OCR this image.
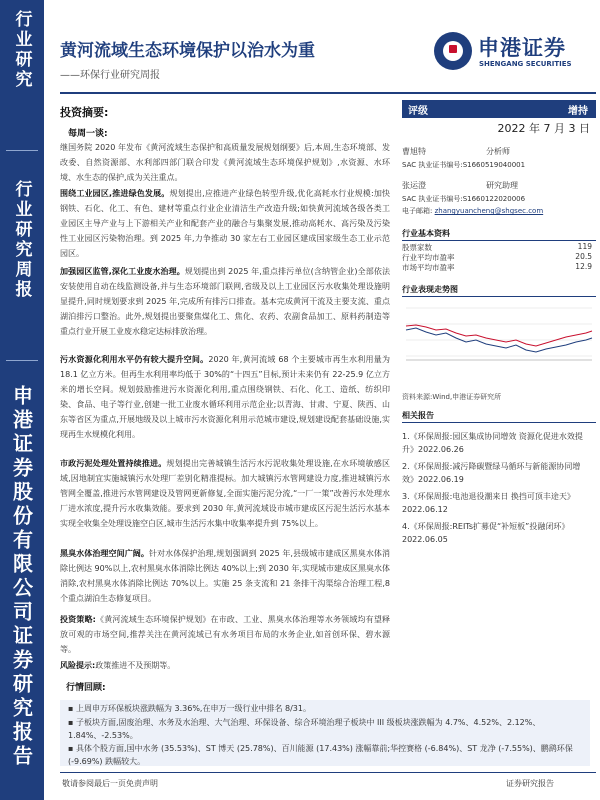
行业研究
行业研究周报
申港证券股份有限公司证券研究报告
黄河流域生态环境保护以治水为重
——环保行业研究周报
申港证券
SHENGANG SECURITIES
投资摘要:
每周一谈:
继国务院 2020 年发布《黄河流域生态保护和高质量发展规划纲要》后,本周,生态环境部、发改委、自然资源部、水利部四部门联合印发《黄河流域生态环境保护规划》,水资源、水环境、水生态的保护,成为关注重点。
围绕工业园区,推进绿色发展。规划提出,应推进产业绿色转型升级,优化高耗水行业规模:加快钢铁、石化、化工、有色、建材等重点行业企业清洁生产改造升级;如快黄河流域各级各类工业园区主导产业与上下游相关产业和配套产业的融合与集聚发展,推动高耗水、高污染及污染性工业园区污染物治理。到 2025 年,力争推动 30 家左右工业园区建成国家级生态工业示范园区。
加强园区监管,深化工业废水治理。规划提出到 2025 年,重点排污单位(含纳管企业)全部依法安装使用自动在线监测设备,并与生态环境部门联网,省级及以上工业园区污水收集处理设施明显提升,同时规划要求到 2025 年,完成所有排污口排查。基本完成黄河干流及主要支流、重点湖泊排污口整治。此外,规划提出要聚焦煤化工、焦化、农药、农副食品加工、原料药制造等重点行业开展工业废水稳定达标排放治理。
污水资源化利用水平仍有较大提升空间。2020 年,黄河流域 68 个主要城市再生水利用量为 18.1 亿立方米。但再生水利用率均低于 30%的“十四五”目标,预计未来仍有 22-25.9 亿立方米的增长空间。规划鼓励推进污水资源化利用,重点围绕钢铁、石化、化工、造纸、纺织印染、食品、电子等行业,创建一批工业废水循环利用示范企业;以青海、甘肃、宁夏、陕西、山东等省区为重点,开展地级及以上城市污水资源化利用示范城市建设,规划建设配套基础设施,实现再生水规模化利用。
市政污泥处理处置持续推进。规划提出完善城镇生活污水污泥收集处理设施,在水环境敏感区域,因地制宜实施城镇污水处理厂差别化精准提标。加大城镇污水管网建设力度,推进城镇污水管网全覆盖,推进污水管网建设及管网更新修复,全面实施污泥分流,“一厂一策”改善污水处理水厂进水浓度,提升污水收集效能。要求到 2030 年,黄河流域设市城市建成区污泥生活污水基本实现全收集全处理设施空白区,城市生活污水集中收集率提升到 75%以上。
黑臭水体治理空间广阔。针对水体保护治理,规划强调到 2025 年,县级城市建成区黑臭水体消除比例达 90%以上,农村黑臭水体消除比例达 40%以上;到 2030 年,实现城市建成区黑臭水体消除,农村黑臭水体消除比例达 70%以上。实施 25 条支流和 21 条排干沟渠综合治理工程,8 个重点湖泊生态修复项目。
投资策略:《黄河流域生态环境保护规划》在市政、工业、黑臭水体治理等水务领域均有望释放可观的市场空间,推荐关注在黄河流域已有水务项目布局的水务企业,如首创环保、碧水源等。
风险提示:政策推进不及预期等。
行情回顾:
▪ 上周申万环保板块涨跌幅为 3.36%,在申万一级行业中排名 8/31。
▪ 子板块方面,固废治理、水务及水治理、大气治理、环保设备、综合环境治理子板块中 III 级板块涨跌幅为 4.7%、4.52%、2.12%、1.84%、-2.53%。
▪ 具体个股方面,国中水务 (35.53%)、ST 博天 (25.78%)、百川能源 (17.43%) 涨幅靠前;华控赛格 (-6.84%)、ST 龙净 (-7.55%)、鹏鹞环保 (-9.69%) 跌幅较大。
评级	增持
2022 年 7 月 3 日
曹旭特	分析师
SAC 执业证书编号:S1660519040001
张运澄	研究助理
SAC 执业证书编号:S1660122020006
电子邮箱: zhangyuancheng@shgsec.com
行业基本资料
股票家数	119
行业平均市盈率	20.5
市场平均市盈率	12.9
行业表现走势图
资料来源:Wind,申港证券研究所
相关报告
1.《环保周报:园区集成协同增效 资源化促进水效提升》2022.06.26
2.《环保周报:减污降碳暨绿马循环与新能源协同增效》2022.06.19
3.《环保周报:电池退役潮来日 换挡可顶丰途天》2022.06.12
4.《环保周报:REITs扩募促“补短板”投融闭环》2022.06.05
敬请参阅最后一页免责声明	证券研究报告
